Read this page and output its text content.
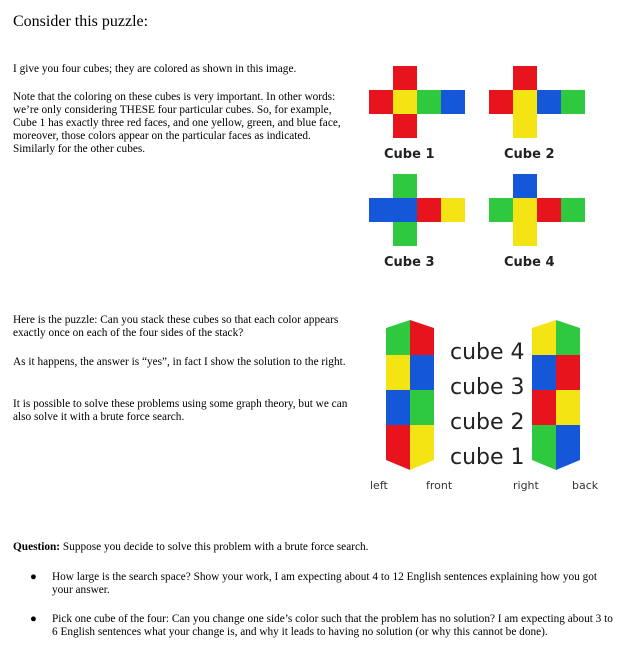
Consider this puzzle:
I give you four cubes; they are colored as shown in this image.
Note that the coloring on these cubes is very important. In other words: we’re only considering THESE four particular cubes. So, for example, Cube 1 has exactly three red faces, and one yellow, green, and blue face, moreover, those colors appear on the particular faces as indicated. Similarly for the other cubes.	Cube 1	Cube 2
Cube 3	Cube 4
Here is the puzzle: Can you stack these cubes so that each color appears exactly once on each of the four sides of the stack?
As it happens, the answer is “yes”, in fact I show the solution to the right.
It is possible to solve these problems using some graph theory, but we can also solve it with a brute force search.
cube 4
cube 3
cube 2
cube 1
left	front	right	back
Question: Suppose you decide to solve this problem with a brute force search.
● How large is the search space? Show your work, I am expecting about 4 to 12 English sentences explaining how you got your answer.
● Pick one cube of the four: Can you change one side’s color such that the problem has no solution? I am expecting about 3 to 6 English sentences what your change is, and why it leads to having no solution (or why this cannot be done).
